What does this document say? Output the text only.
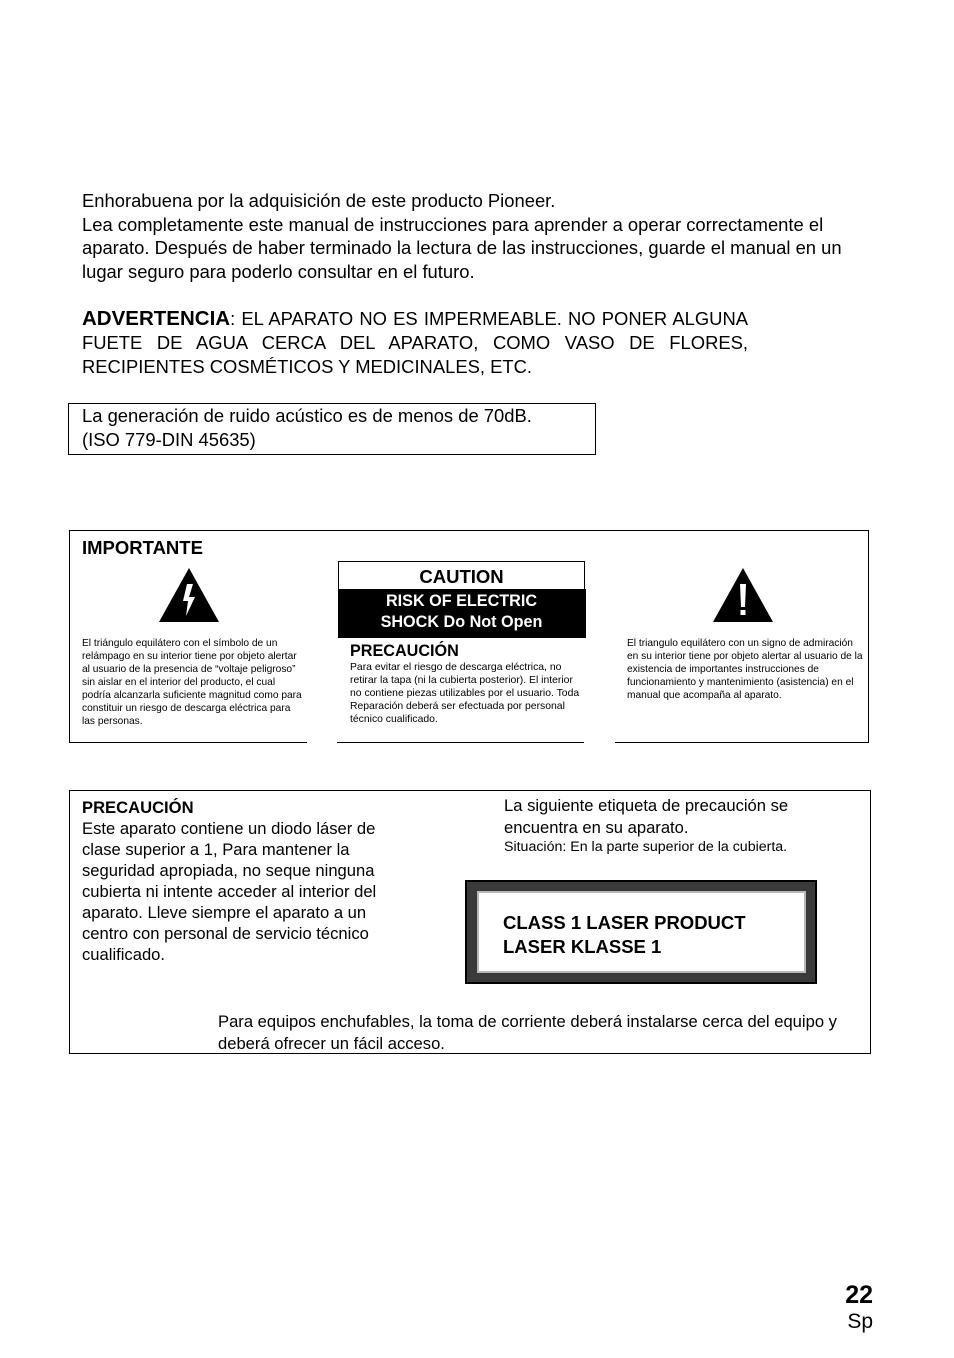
Enhorabuena por la adquisición de este producto Pioneer.

Lea completamente este manual de instrucciones para aprender a operar correctamente el aparato. Después de haber terminado la lectura de las instrucciones, guarde el manual en un lugar seguro para poderlo consultar en el futuro.

ADVERTENCIA: EL APARATO NO ES IMPERMEABLE. NO PONER ALGUNA FUETE DE AGUA CERCA DEL APARATO, COMO VASO DE FLORES, RECIPIENTES COSMÉTICOS Y MEDICINALES, ETC.
La generación de ruido acústico es de menos de 70dB.
(ISO 779-DIN 45635)
IMPORTANTE
El triángulo equilátero con el símbolo de un relámpago en su interior tiene por objeto alertar al usuario de la presencia de “voltaje peligroso” sin aislar en el interior del producto, el cual podría alcanzarla suficiente magnitud como para constituir un riesgo de descarga eléctrica para las personas.
CAUTION
RISK OF ELECTRIC
SHOCK Do Not Open
PRECAUCIÓN
Para evitar el riesgo de descarga eléctrica, no retirar la tapa (ni la cubierta posterior). El interior no contiene piezas utilizables por el usuario. Toda Reparación deberá ser efectuada por personal técnico cualificado.
El triangulo equilátero con un signo de admiración en su interior tiene por objeto alertar al usuario de la existencia de importantes instrucciones de funcionamiento y mantenimiento (asistencia) en el manual que acompaña al aparato.
PRECAUCIÓN
Este aparato contiene un diodo láser de clase superior a 1, Para mantener la seguridad apropiada, no seque ninguna cubierta ni intente acceder al interior del aparato. Lleve siempre el aparato a un centro con personal de servicio técnico cualificado.
La siguiente etiqueta de precaución se encuentra en su aparato.
Situación: En la parte superior de la cubierta.
CLASS 1 LASER PRODUCT
LASER KLASSE 1
Para equipos enchufables, la toma de corriente deberá instalarse cerca del equipo y deberá ofrecer un fácil acceso.
22
Sp
